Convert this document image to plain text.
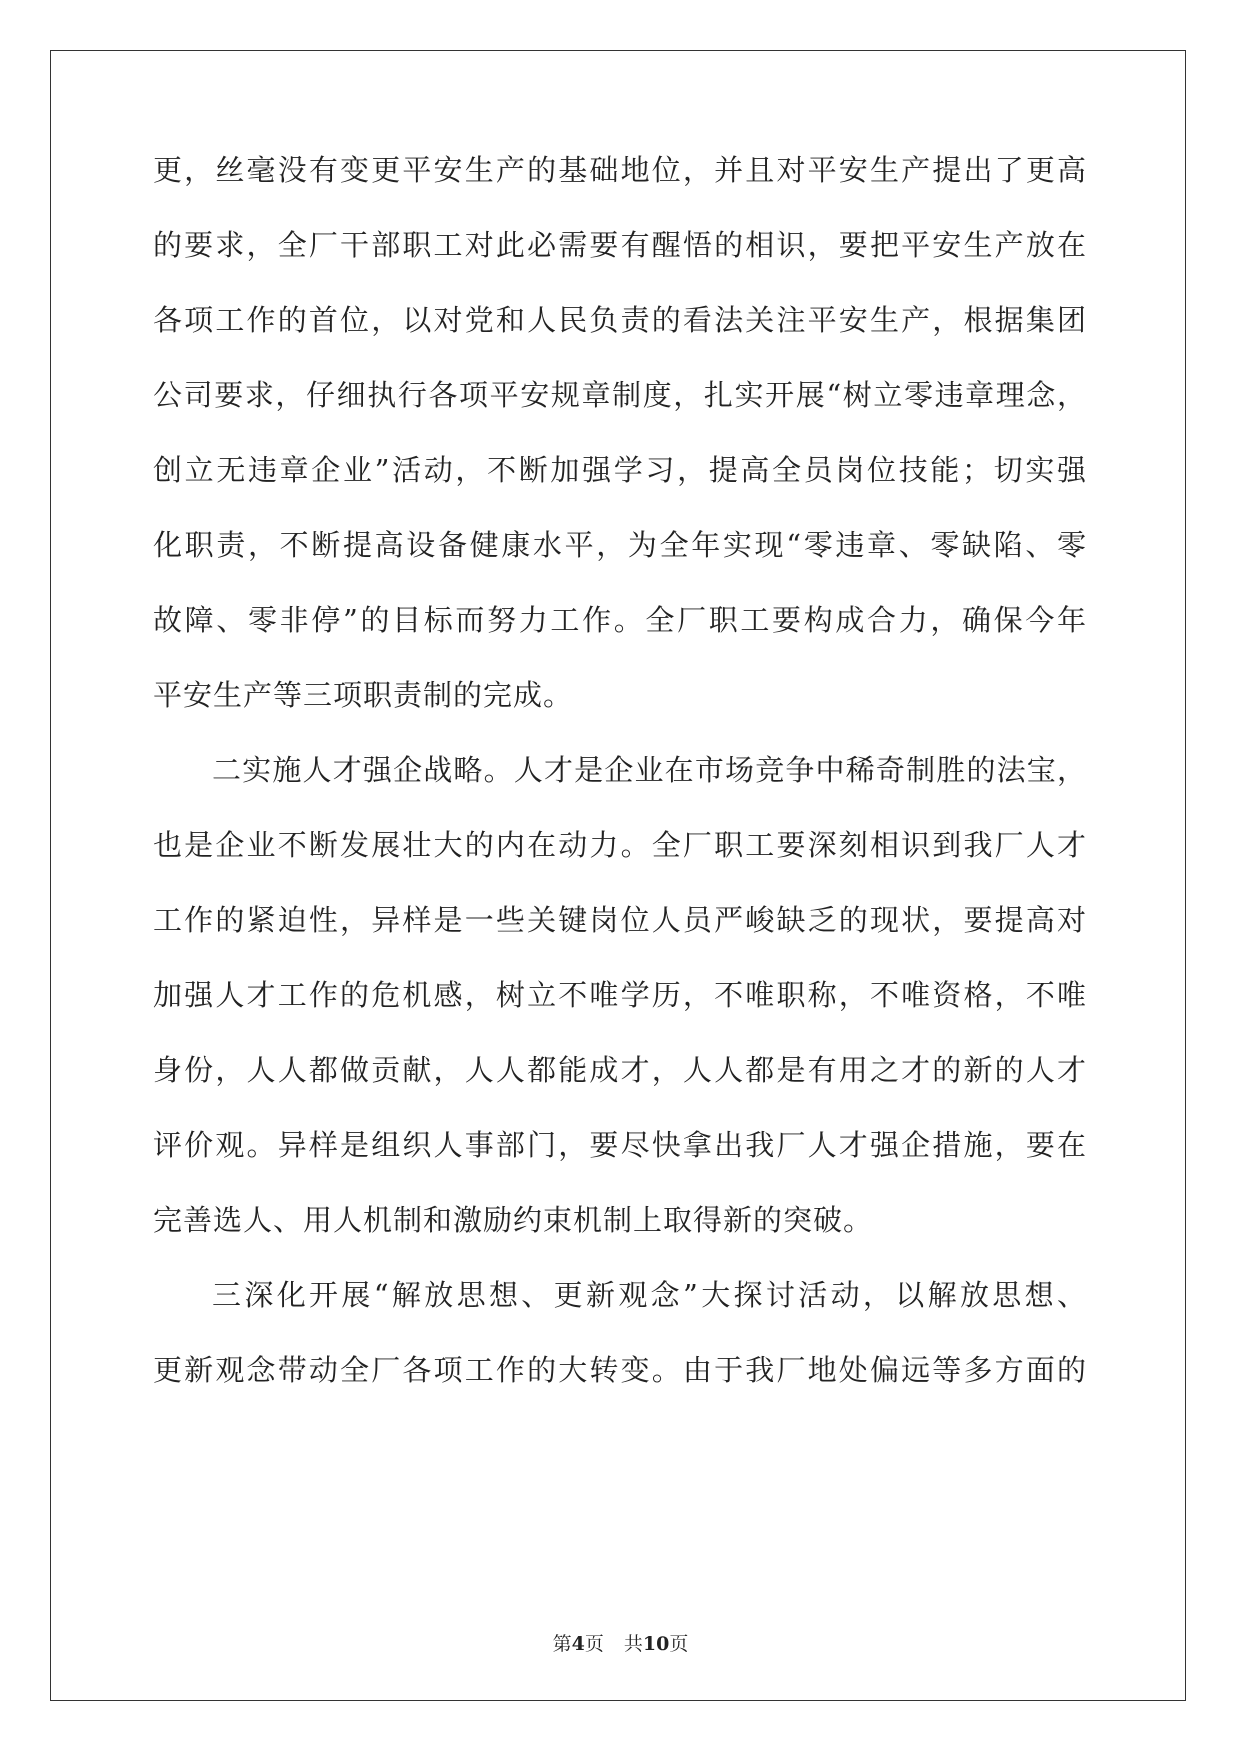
更，丝毫没有变更平安生产的基础地位，并且对平安生产提出了更高
的要求，全厂干部职工对此必需要有醒悟的相识，要把平安生产放在
各项工作的首位，以对党和人民负责的看法关注平安生产，根据集团
公司要求，仔细执行各项平安规章制度，扎实开展“树立零违章理念，
创立无违章企业”活动，不断加强学习，提高全员岗位技能；切实强
化职责，不断提高设备健康水平，为全年实现“零违章、零缺陷、零
故障、零非停”的目标而努力工作。全厂职工要构成合力，确保今年
平安生产等三项职责制的完成。
二实施人才强企战略。人才是企业在市场竞争中稀奇制胜的法宝，
也是企业不断发展壮大的内在动力。全厂职工要深刻相识到我厂人才
工作的紧迫性，异样是一些关键岗位人员严峻缺乏的现状，要提高对
加强人才工作的危机感，树立不唯学历，不唯职称，不唯资格，不唯
身份，人人都做贡献，人人都能成才，人人都是有用之才的新的人才
评价观。异样是组织人事部门，要尽快拿出我厂人才强企措施，要在
完善选人、用人机制和激励约束机制上取得新的突破。
三深化开展“解放思想、更新观念”大探讨活动，以解放思想、
更新观念带动全厂各项工作的大转变。由于我厂地处偏远等多方面的
第4页 共10页
